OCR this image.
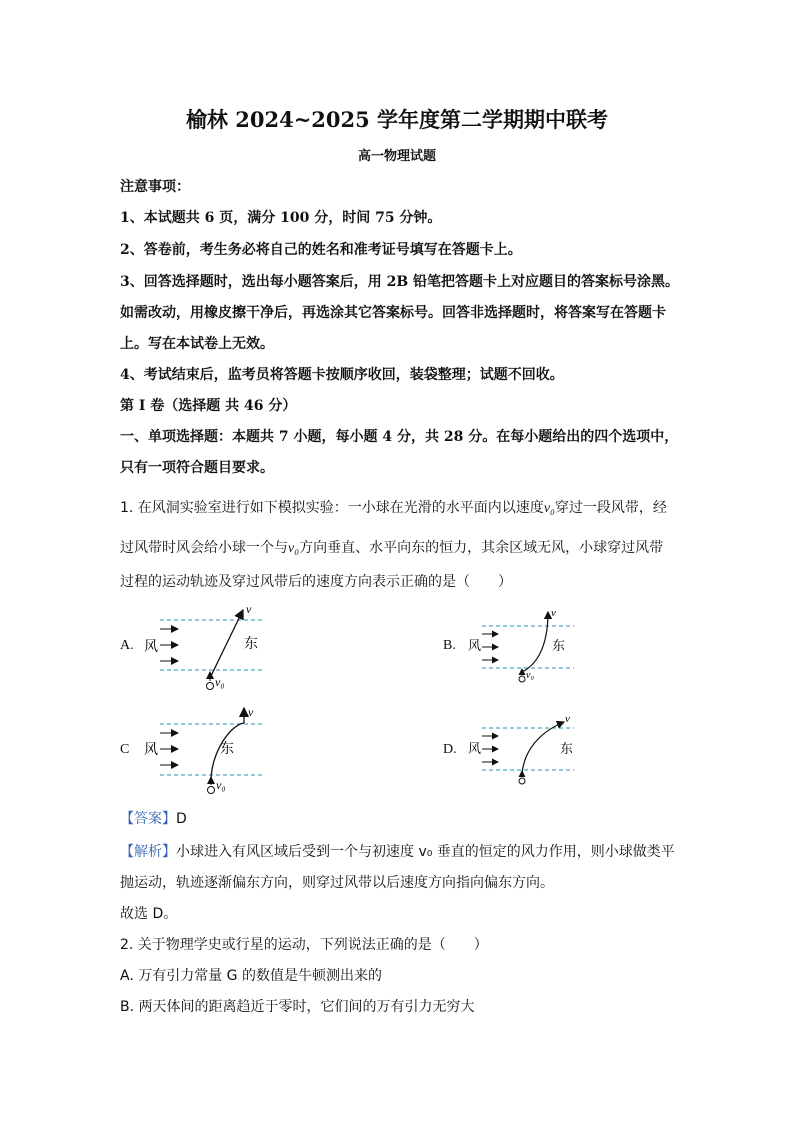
榆林 2024~2025 学年度第二学期期中联考
高一物理试题
注意事项：
1、本试题共 6 页，满分 100 分，时间 75 分钟。
2、答卷前，考生务必将自己的姓名和准考证号填写在答题卡上。
3、回答选择题时，选出每小题答案后，用 2B 铅笔把答题卡上对应题目的答案标号涂黑。
如需改动，用橡皮擦干净后，再选涂其它答案标号。回答非选择题时，将答案写在答题卡
上。写在本试卷上无效。
4、考试结束后，监考员将答题卡按顺序收回，装袋整理；试题不回收。
第 I 卷（选择题 共 46 分）
一、单项选择题：本题共 7 小题，每小题 4 分，共 28 分。在每小题给出的四个选项中，
只有一项符合题目要求。
1. 在风洞实验室进行如下模拟实验：一小球在光滑的水平面内以速度v₀穿过一段风带，经
过风带时风会给小球一个与v₀方向垂直、水平向东的恒力，其余区域无风，小球穿过风带
过程的运动轨迹及穿过风带后的速度方向表示正确的是（　　）
A.	B.
C	D.
风	东
v
v₀
风	东
v
v₀
风	东
v
v₀
风	东
v
【答案】D
【解析】小球进入有风区域后受到一个与初速度 v₀ 垂直的恒定的风力作用，则小球做类平
抛运动，轨迹逐渐偏东方向，则穿过风带以后速度方向指向偏东方向。
故选 D。
2. 关于物理学史或行星的运动，下列说法正确的是（　　）
A. 万有引力常量 G 的数值是牛顿测出来的
B. 两天体间的距离趋近于零时，它们间的万有引力无穷大
